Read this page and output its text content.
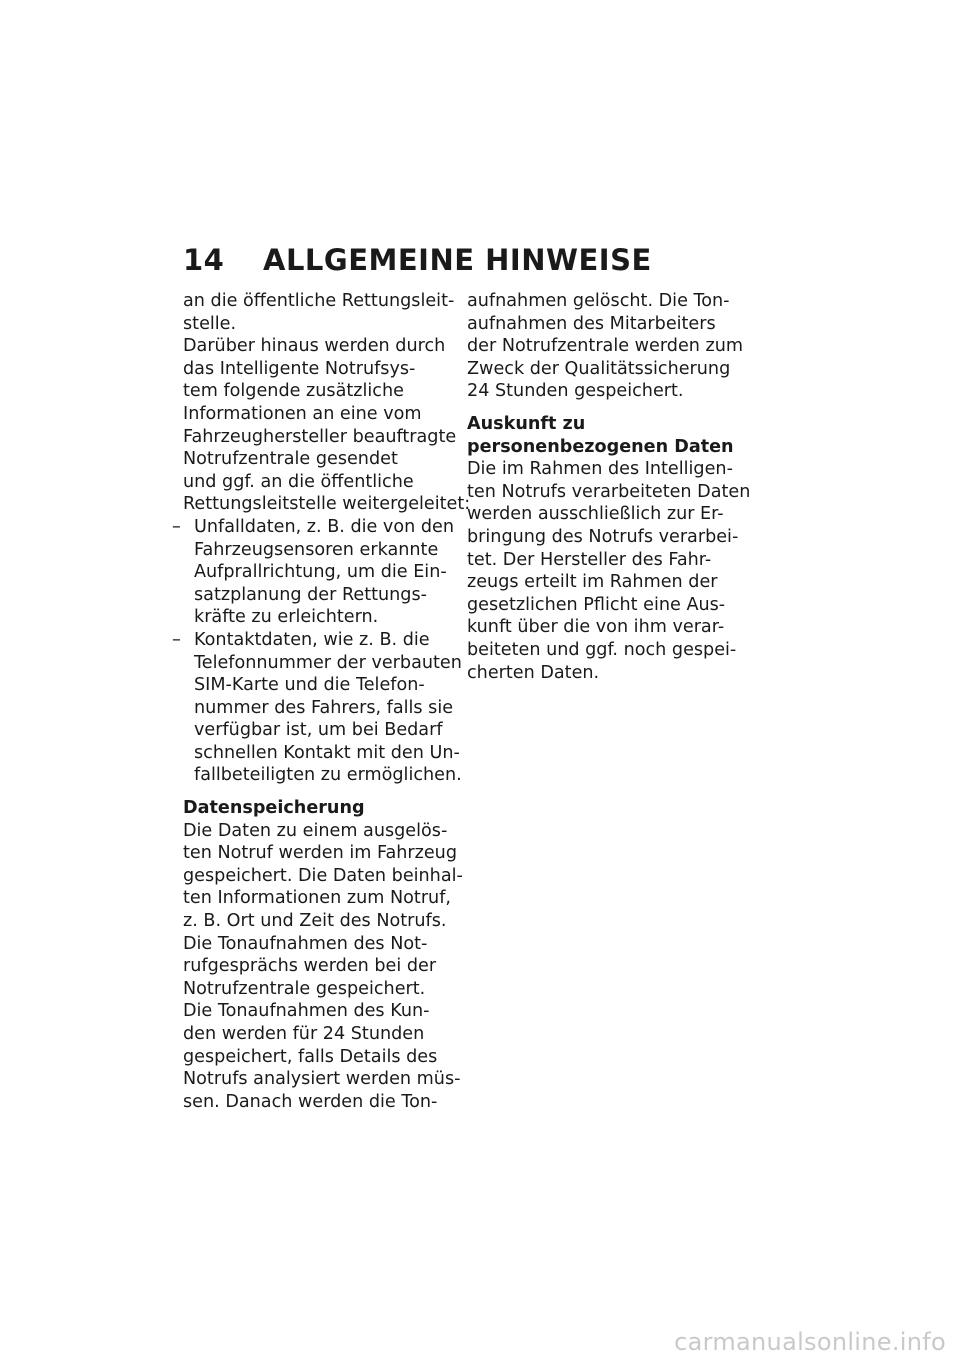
14 ALLGEMEINE HINWEISE
an die öffentliche Rettungsleit-
stelle.
Darüber hinaus werden durch
das Intelligente Notrufsys-
tem folgende zusätzliche
Informationen an eine vom
Fahrzeughersteller beauftragte
Notrufzentrale gesendet
und ggf. an die öffentliche
Rettungsleitstelle weitergeleitet:
– Unfalldaten, z. B. die von den
Fahrzeugsensoren erkannte
Aufprallrichtung, um die Ein-
satzplanung der Rettungs-
kräfte zu erleichtern.
– Kontaktdaten, wie z. B. die
Telefonnummer der verbauten
SIM-Karte und die Telefon-
nummer des Fahrers, falls sie
verfügbar ist, um bei Bedarf
schnellen Kontakt mit den Un-
fallbeteiligten zu ermöglichen.
Datenspeicherung
Die Daten zu einem ausgelös-
ten Notruf werden im Fahrzeug
gespeichert. Die Daten beinhal-
ten Informationen zum Notruf,
z. B. Ort und Zeit des Notrufs.
Die Tonaufnahmen des Not-
rufgesprächs werden bei der
Notrufzentrale gespeichert.
Die Tonaufnahmen des Kun-
den werden für 24 Stunden
gespeichert, falls Details des
Notrufs analysiert werden müs-
sen. Danach werden die Ton-
aufnahmen gelöscht. Die Ton-
aufnahmen des Mitarbeiters
der Notrufzentrale werden zum
Zweck der Qualitätssicherung
24 Stunden gespeichert.
Auskunft zu
personenbezogenen Daten
Die im Rahmen des Intelligen-
ten Notrufs verarbeiteten Daten
werden ausschließlich zur Er-
bringung des Notrufs verarbei-
tet. Der Hersteller des Fahr-
zeugs erteilt im Rahmen der
gesetzlichen Pflicht eine Aus-
kunft über die von ihm verar-
beiteten und ggf. noch gespei-
cherten Daten.
carmanualsonline.info
